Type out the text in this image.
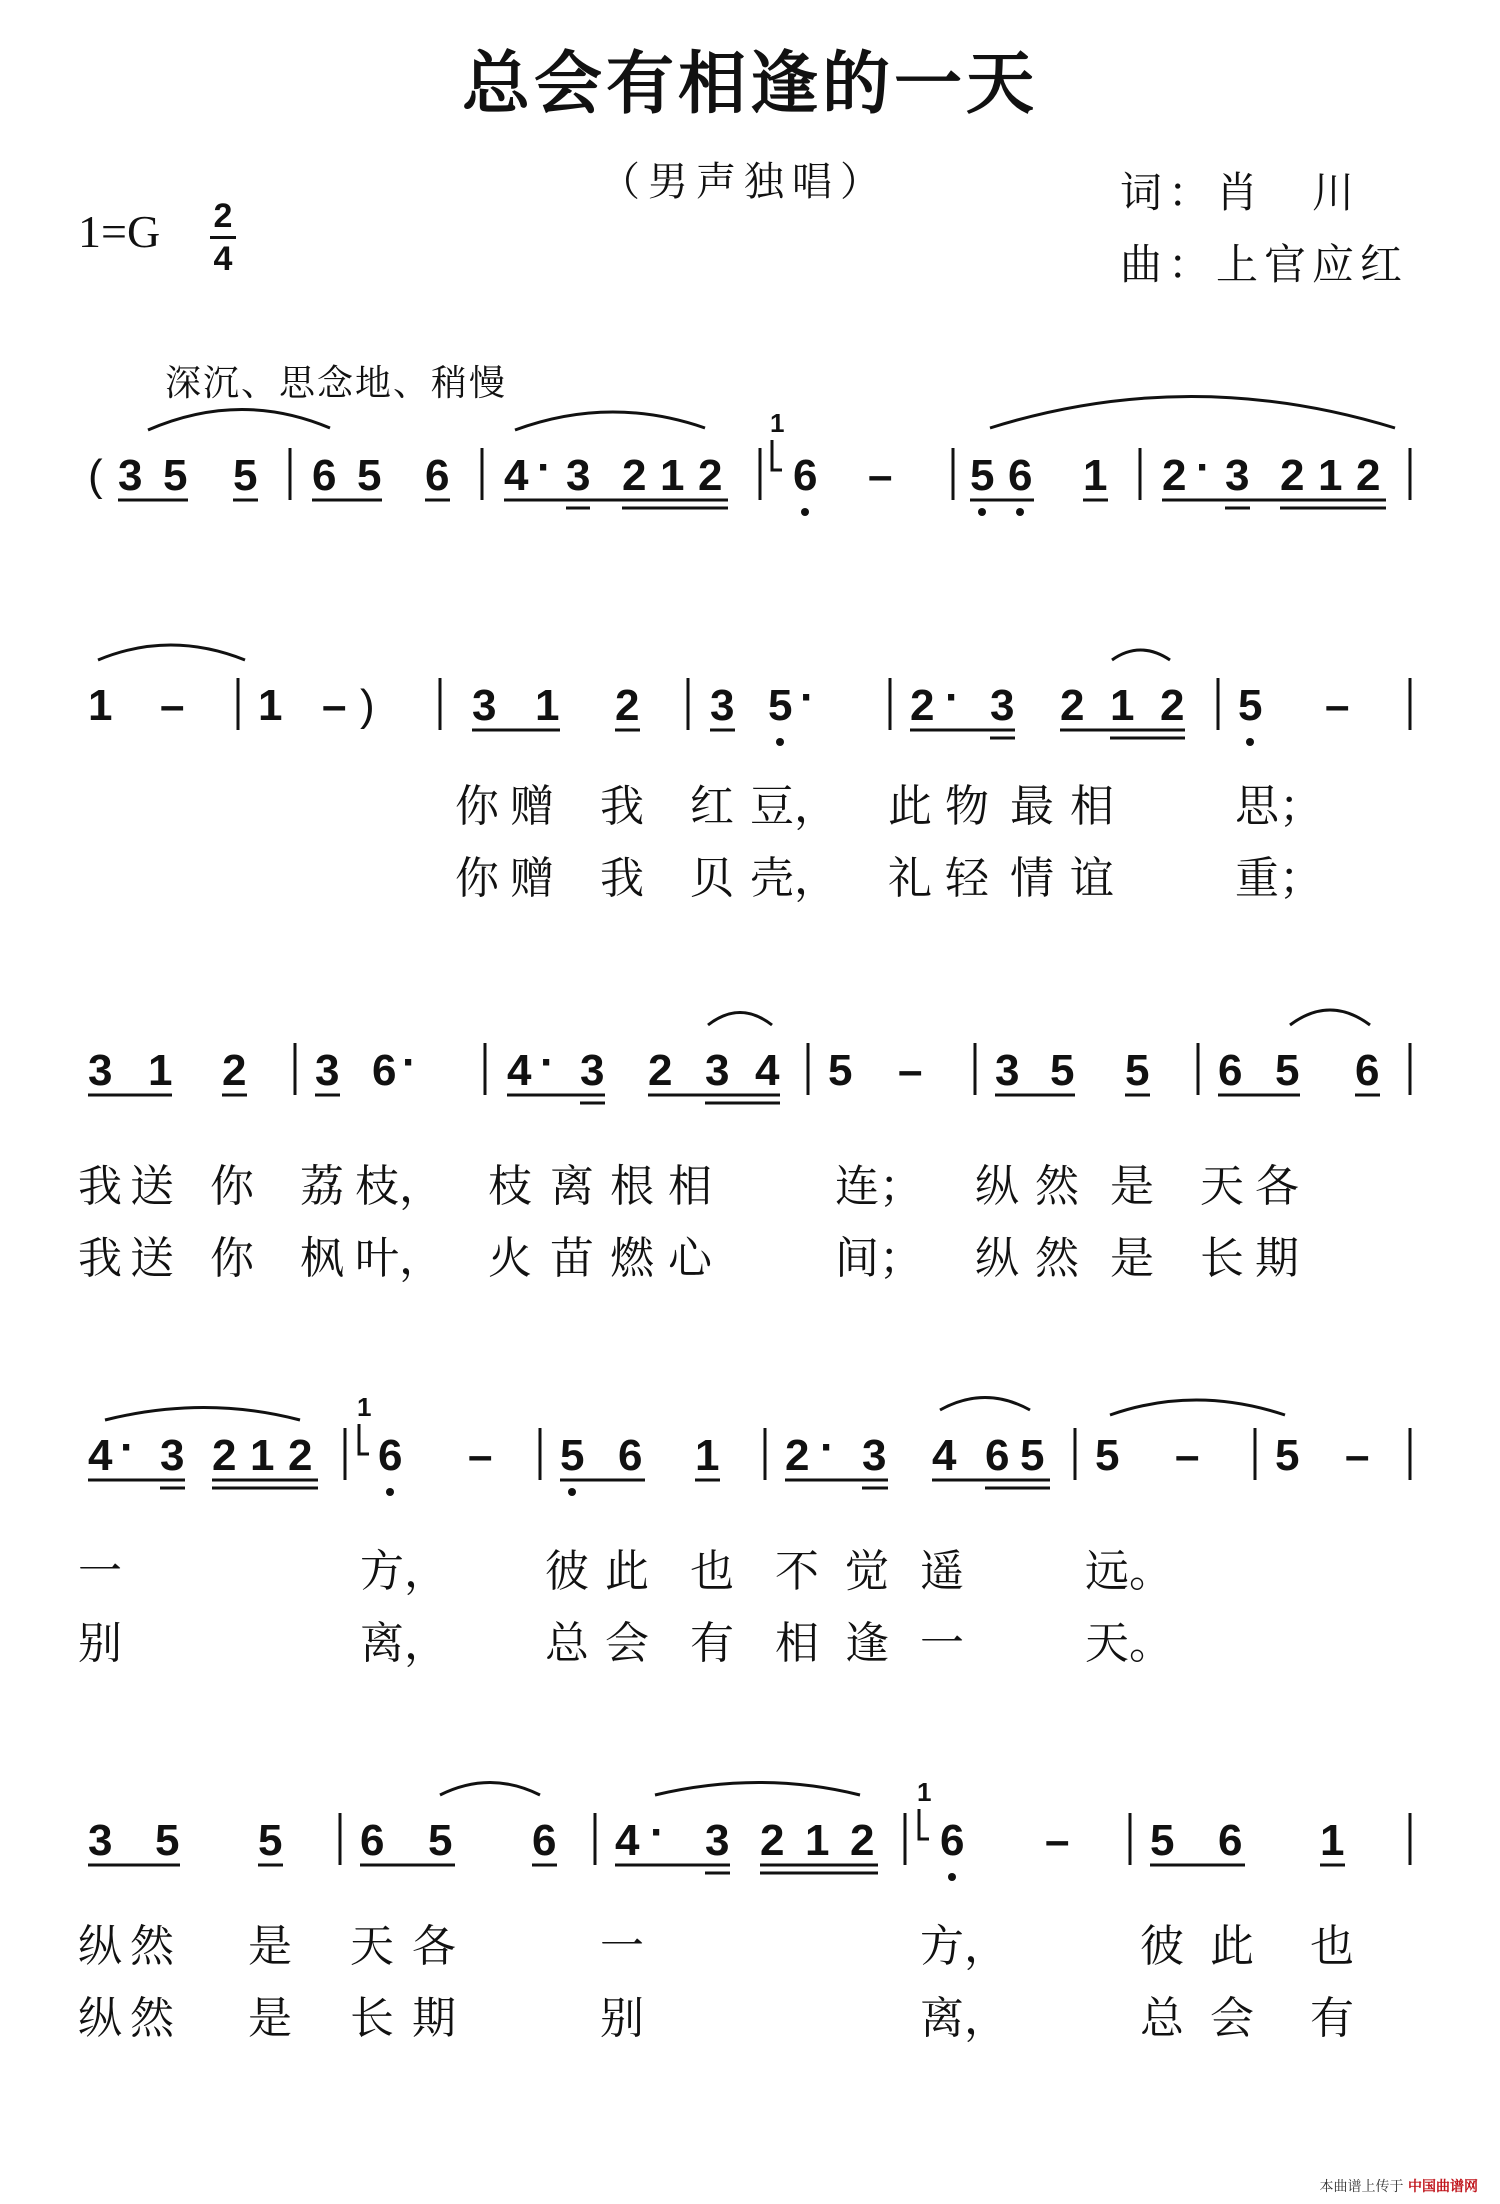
总会有相逢的一天
（男声独唱）	词：肖　川
曲：上官应红
1=G 2
4
深沉、思念地、稍慢
( 3 5 5 6 5 6 4 · 3 2 1 2
1
6 – 5 6 1 2 · 3 2 1 2
1 – 1 – ) 3 1 2 3 5 · 2 · 3 2 1 2 5 –
3 1 2 3 6 · 4 · 3 2 3 4 5 – 3 5 5 6 5 6
4 · 3 2 1 2
1
6 – 5 6 1 2 · 3 4 6 5 5 – 5 –
3 5 5 6 5 6 4 · 3 2 1 2
1
6 – 5 6 1
你 赠 我 红 豆， 此 物 最 相	思；
你 赠 我 贝 壳， 礼 轻 情 谊	重；
我 送 你 荔 枝， 枝 离 根 相	连； 纵 然 是 天 各
我 送 你 枫 叶， 火 苗 燃 心	间； 纵 然 是 长 期
一	方， 彼 此 也 不 觉 遥	远。
别	离， 总 会 有 相 逢 一	天。
纵 然 是 天 各	一	方，	彼 此 也
纵 然 是 长 期	别	离，	总 会 有
本曲谱上传于 中国曲谱网
